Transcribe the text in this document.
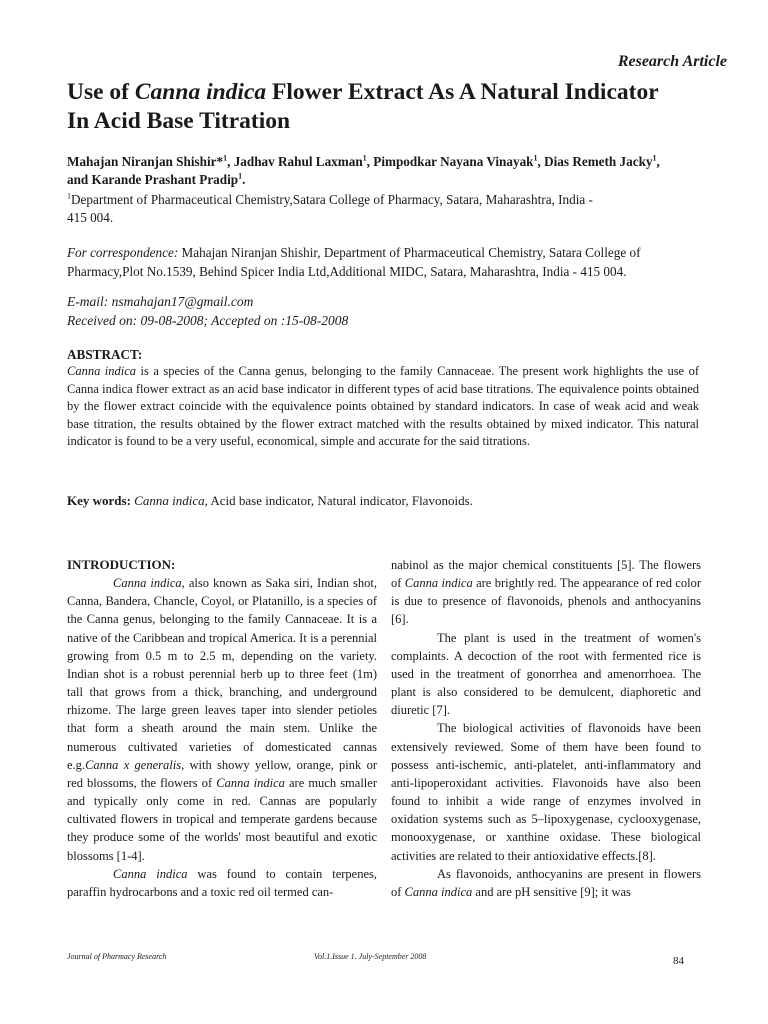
Research Article
Use of Canna indica Flower Extract As A Natural Indicator
In Acid Base Titration
Mahajan Niranjan Shishir*$^1$, Jadhav Rahul Laxman$^1$, Pimpodkar Nayana Vinayak$^1$, Dias Remeth Jacky$^1$,
and Karande Prashant Pradip$^1$.
$^1$Department of Pharmaceutical Chemistry,Satara College of Pharmacy, Satara, Maharashtra, India -
415 004.
For correspondence: Mahajan Niranjan Shishir, Department of Pharmaceutical Chemistry, Satara College of
Pharmacy,Plot No.1539, Behind Spicer India Ltd,Additional MIDC, Satara, Maharashtra, India - 415 004.
E-mail: nsmahajan17@gmail.com
Received on: 09-08-2008; Accepted on :15-08-2008
ABSTRACT:
Canna indica is a species of the Canna genus, belonging to the family Cannaceae. The present work highlights the use of Canna indica flower extract as an acid base indicator in different types of acid base titrations. The equivalence points obtained by the flower extract coincide with the equivalence points obtained by standard indicators. In case of weak acid and weak base titration, the results obtained by the flower extract matched with the results obtained by mixed indicator. This natural indicator is found to be a very useful, economical, simple and accurate for the said titrations.
Key words: Canna indica, Acid base indicator, Natural indicator, Flavonoids.

INTRODUCTION:

Canna indica, also known as Saka siri, Indian shot, Canna, Bandera, Chancle, Coyol, or Platanillo, is a species of the Canna genus, belonging to the family Cannaceae. It is a native of the Caribbean and tropical America. It is a perennial growing from 0.5 m to 2.5 m, depending on the variety. Indian shot is a robust perennial herb up to three feet (1m) tall that grows from a thick, branching, and underground rhizome. The large green leaves taper into slender petioles that form a sheath around the main stem. Unlike the numerous cultivated varieties of domesticated cannas e.g.Canna x generalis, with showy yellow, orange, pink or red blossoms, the flowers of Canna indica are much smaller and typically only come in red. Cannas are popularly cultivated flowers in tropical and temperate gardens because they produce some of the worlds' most beautiful and exotic blossoms [1-4].

Canna indica was found to contain terpenes, paraffin hydrocarbons and a toxic red oil termed can-

nabinol as the major chemical constituents [5]. The flowers of Canna indica are brightly red. The appearance of red color is due to presence of flavonoids, phenols and anthocyanins [6].

The plant is used in the treatment of women's complaints. A decoction of the root with fermented rice is used in the treatment of gonorrhea and amenorrhoea. The plant is also considered to be demulcent, diaphoretic and diuretic [7].

The biological activities of flavonoids have been extensively reviewed. Some of them have been found to possess anti-ischemic, anti-platelet, anti-inflammatory and anti-lipoperoxidant activities. Flavonoids have also been found to inhibit a wide range of enzymes involved in oxidation systems such as 5–lipoxygenase, cyclooxygenase, monooxygenase, or xanthine oxidase. These biological activities are related to their antioxidative effects.[8].

As flavonoids, anthocyanins are present in flowers of Canna indica and are pH sensitive [9]; it was

Journal of Pharmacy Research	Vol.1.Issue 1. July-September 2008	84
